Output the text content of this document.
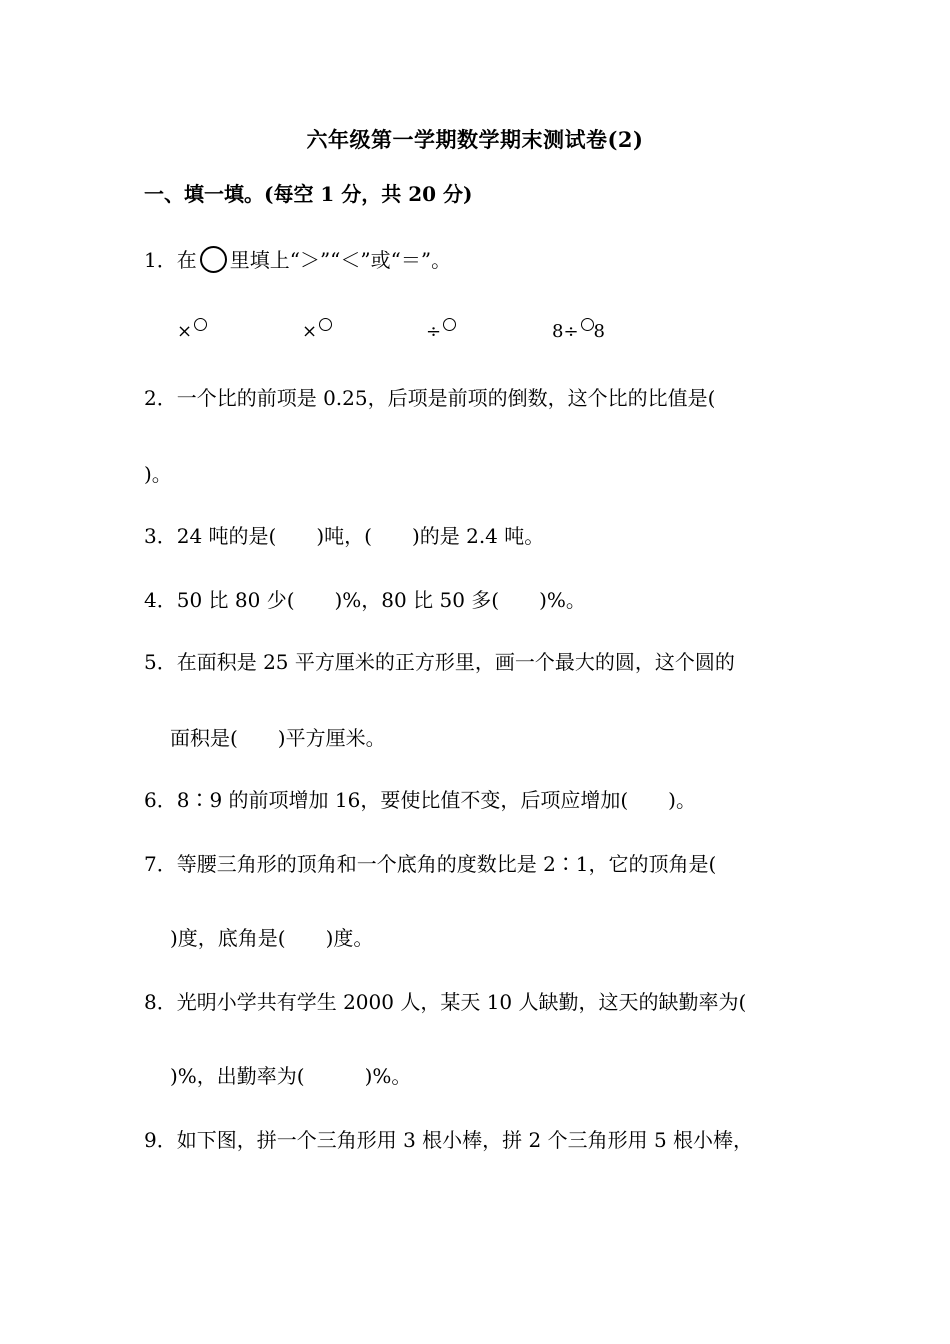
六年级第一学期数学期末测试卷(2)
一、填一填。(每空 1 分，共 20 分)
1．在 里填上“＞”“＜”或“＝”。
×	×	÷	8÷ 8
2．一个比的前项是 0.25，后项是前项的倒数，这个比的比值是(
)。
3．24 吨的是(　　)吨，(　　)的是 2.4 吨。
4．50 比 80 少(　　)%，80 比 50 多(　　)%。
5．在面积是 25 平方厘米的正方形里，画一个最大的圆，这个圆的
面积是(　　)平方厘米。
6．8∶9 的前项增加 16，要使比值不变，后项应增加(　　)。
7．等腰三角形的顶角和一个底角的度数比是 2∶1，它的顶角是(
)度，底角是(　　)度。
8．光明小学共有学生 2000 人，某天 10 人缺勤，这天的缺勤率为(
)%，出勤率为(　　　)%。
9．如下图，拼一个三角形用 3 根小棒，拼 2 个三角形用 5 根小棒，
